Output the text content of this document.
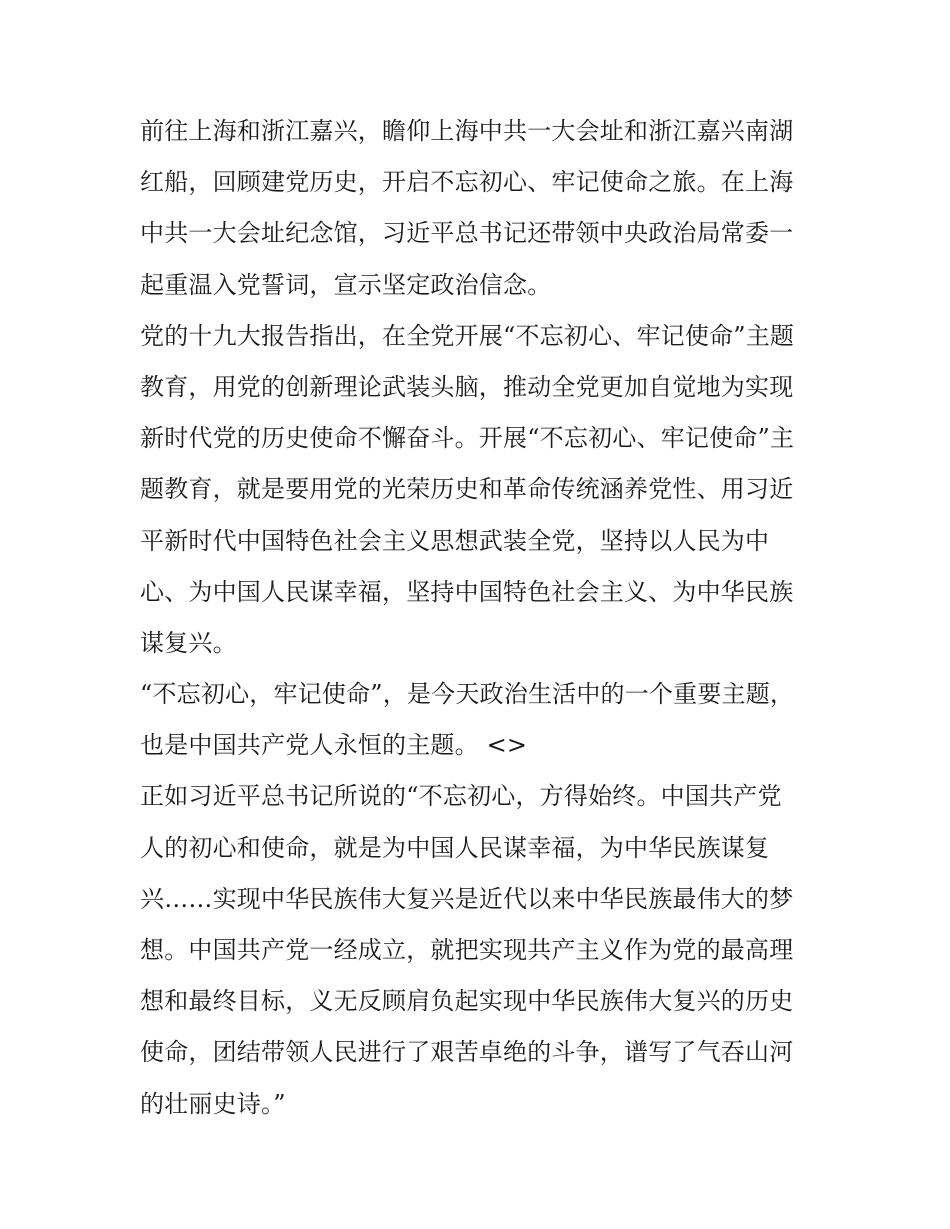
前往上海和浙江嘉兴，瞻仰上海中共一大会址和浙江嘉兴南湖
红船，回顾建党历史，开启不忘初心、牢记使命之旅。在上海
中共一大会址纪念馆，习近平总书记还带领中央政治局常委一
起重温入党誓词，宣示坚定政治信念。
党的十九大报告指出，在全党开展“不忘初心、牢记使命”主题
教育，用党的创新理论武装头脑，推动全党更加自觉地为实现
新时代党的历史使命不懈奋斗。开展“不忘初心、牢记使命”主
题教育，就是要用党的光荣历史和革命传统涵养党性、用习近
平新时代中国特色社会主义思想武装全党，坚持以人民为中
心、为中国人民谋幸福，坚持中国特色社会主义、为中华民族
谋复兴。
“不忘初心，牢记使命”，是今天政治生活中的一个重要主题，
也是中国共产党人永恒的主题。 <>
正如习近平总书记所说的“不忘初心，方得始终。中国共产党
人的初心和使命，就是为中国人民谋幸福，为中华民族谋复
兴……实现中华民族伟大复兴是近代以来中华民族最伟大的梦
想。中国共产党一经成立，就把实现共产主义作为党的最高理
想和最终目标，义无反顾肩负起实现中华民族伟大复兴的历史
使命，团结带领人民进行了艰苦卓绝的斗争，谱写了气吞山河
的壮丽史诗。”
